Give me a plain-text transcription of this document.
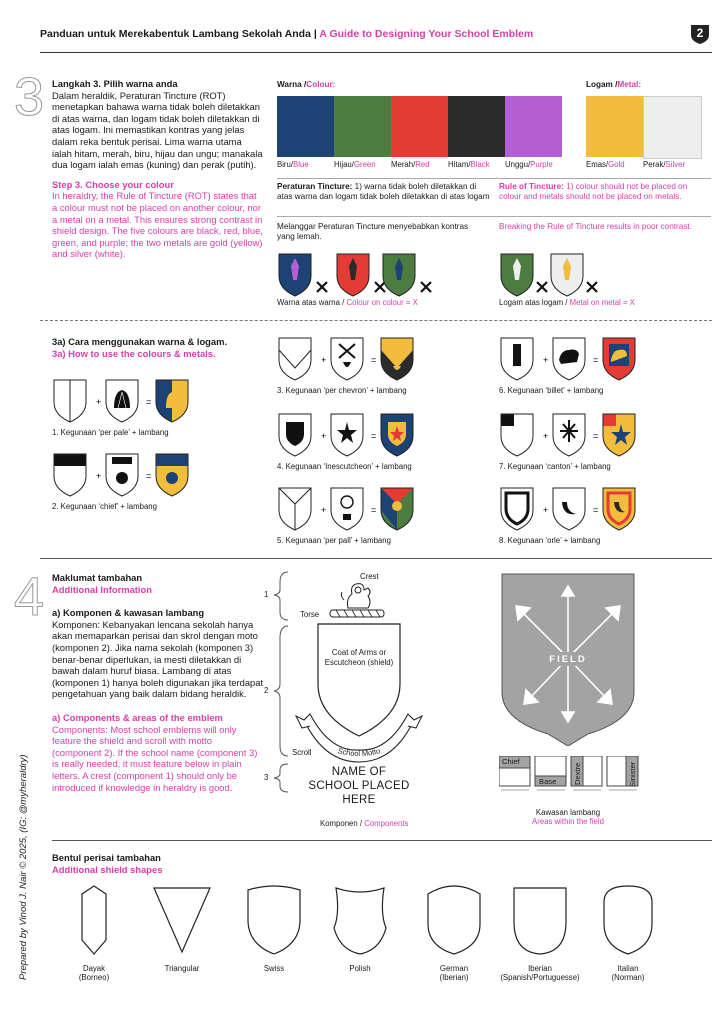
Panduan untuk Merekabentuk Lambang Sekolah Anda | A Guide to Designing Your School Emblem	2
3 Langkah 3. Pilih warna anda
Dalam heraldik, Peraturan Tincture (ROT) menetapkan bahawa warna tidak boleh diletakkan di atas warna, dan logam tidak boleh diletakkan di atas logam. Ini memastikan kontras yang jelas dalam reka bentuk perisai. Lima warna utama ialah hitam, merah, biru, hijau dan ungu; manakala dua logam ialah emas (kuning) dan perak (putih).
Step 3. Choose your colour
In heraldry, the Rule of Tincture (ROT) states that a colour must not be placed on another colour, nor a metal on a metal. This ensures strong contrast in shield design. The five colours are black, red, blue, green, and purple; the two metals are gold (yellow) and silver (white).
Warna /Colour:	Logam /Metal:
Biru/Blue	Hijau/Green Merah/Red Hitam/Black Unggu/Purple	Emas/Gold Perak/Silver
Peraturan Tincture: 1) warna tidak boleh diletakkan di atas warna dan logam tidak boleh diletakkan di atas logam
Rule of Tincture: 1) colour should not be placed on colour and metals should not be placed on metals.
Melanggar Peraturan Tincture menyebabkan kontras yang lemah.
Breaking the Rule of Tincture results in poor contrast.
Warna atas warna / Colour on colour = X	Logam atas logam / Metal on metal = X
3a) Cara menggunakan warna & logam.
3a) How to use the colours & metals.
+	=
1. Kegunaan ‘per pale’ + lambang
+	=
2. Kegunaan ‘chief’ + lambang
+	=
3. Kegunaan ‘per chevron’ + lambang
+	=
4. Kegunaan ‘Inescutcheon’ + lambang
+	=
5. Kegunaan ‘per pall’ + lambang
+	=
6. Kegunaan ‘billet’ + lambang
+	=
7. Kegunaan ‘canton’ + lambang
+	=
8. Kegunaan ‘orle’ + lambang
4 Maklumat tambahan
Additional Information
a) Komponen & kawasan lambang
Komponen: Kebanyakan lencana sekolah hanya akan memaparkan perisai dan skrol dengan moto (komponen 2). Jika nama sekolah (komponen 3) benar-benar diperlukan, ia mesti diletakkan di bawah dalam huruf biasa. Lambang di atas (komponen 1) hanya boleh digunakan jika terdapat pengetahuan yang baik dalam bidang heraldik.
a) Components & areas of the emblem
Components: Most school emblems will only feature the shield and scroll with motto (component 2). If the school name (component 3) is really needed, it must feature below in plain letters. A crest (component 1) should only be introduced if knowledge in heraldry is good.
School Motto
1
2
3
Crest
Torse
Coat of Arms or Escutcheon (shield)
Scroll
NAME OF SCHOOL PLACED HERE
Komponen / Components
FIELD
Chief
Base Dextre	Sinister
Kawasan lambang
Areas within the field
Bentul perisai tambahan
Additional shield shapes
Dayak
(Borneo)
Triangular	Swiss	Polish	German
(Iberian)
Iberian
(Spanish/Portuguesse)
Italian
(Norman)
Prepared by Vinod J. Nair © 2025, (IG: @myheraldry)
